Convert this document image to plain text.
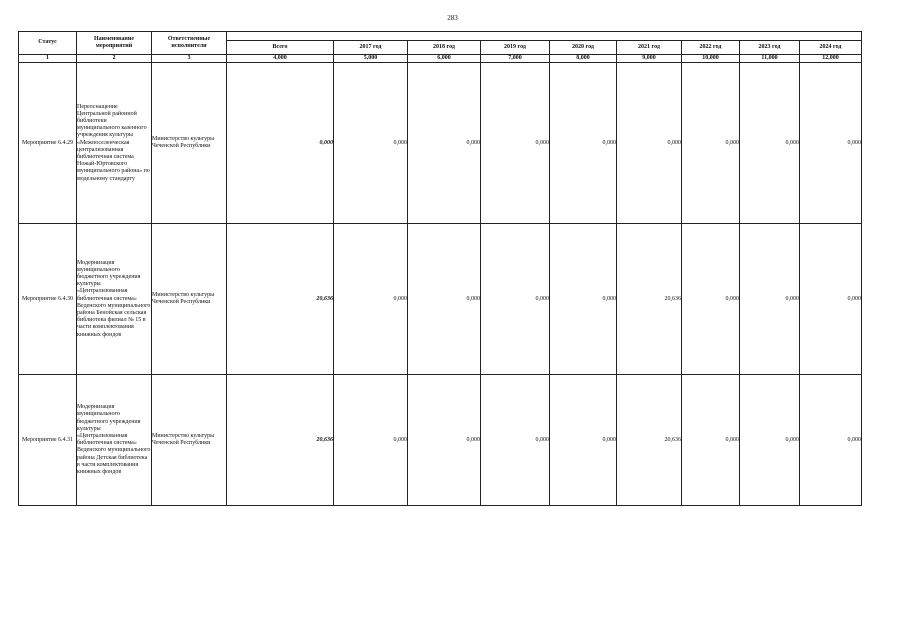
283
Статус	Наименование мероприятий	Ответственные исполнители									
			Всего	2017 год	2018 год	2019 год	2020 год	2021 год	2022 год	2023 год	2024 год
1	2	3	4,000	5,000	6,000	7,000	8,000	9,000	10,000	11,000	12,000
Мероприятие 6.4.29	Переоснащение Центральной районной библиотеки муниципального казенного учреждения культуры «Межпоселенческая централизованная библиотечная система Ножай-Юртовского муниципального района» по модельному стандарту	Министерство культуры Чеченской Республики	0,000	0,000	0,000	0,000	0,000	0,000	0,000	0,000	0,000
Мероприятие 6.4.30	Модернизация муниципального бюджетного учреждения культуры «Централизованная библиотечная система» Веденского муниципального района Бенойская сельская библиотека филиал № 15 в части комплектования книжных фондов	Министерство культуры Чеченской Республики	20,636	0,000	0,000	0,000	0,000	20,636	0,000	0,000	0,000
Мероприятие 6.4.31	Модернизация муниципального бюджетного учреждения культуры «Централизованная библиотечная система» Веденского муниципального района Детская библиотека в части комплектования книжных фондов	Министерство культуры Чеченской Республики	20,636	0,000	0,000	0,000	0,000	20,636	0,000	0,000	0,000
